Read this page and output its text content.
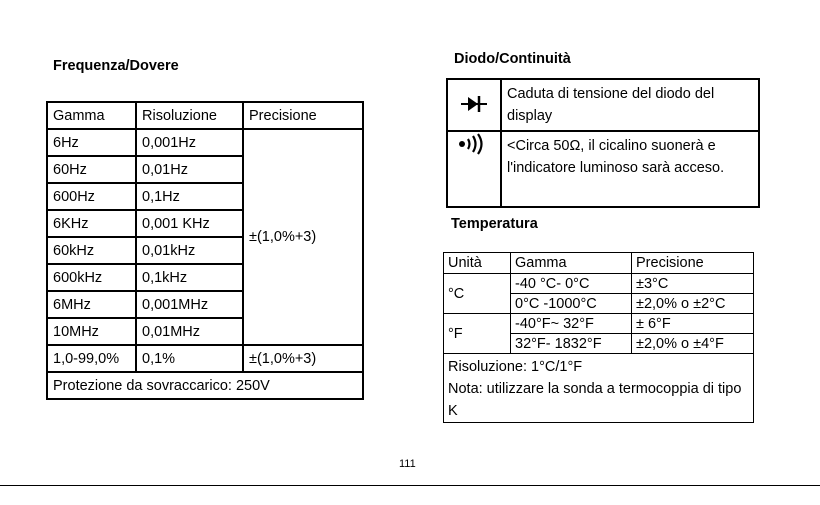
Frequenza/Dovere
Gamma	Risoluzione	Precisione
6Hz	0,001Hz	±(1,0%+3)
60Hz	0,01Hz	
600Hz	0,1Hz	
6KHz	0,001 KHz	
60kHz	0,01kHz	
600kHz	0,1kHz	
6MHz	0,001MHz	
10MHz	0,01MHz	
1,0-99,0%	0,1%	±(1,0%+3)
Protezione da sovraccarico: 250V		
Diodo/Continuità
	Caduta di tensione del diodo del display
	<Circa 50Ω, il cicalino suonerà e l'indicatore luminoso sarà acceso.
Temperatura
Unità	Gamma	Precisione
°C	-40 °C- 0°C	±3°C
	0°C -1000°C	±2,0% o ±2°C
°F	-40°F~ 32°F	± 6°F
	32°F- 1832°F	±2,0% o ±4°F

Risoluzione: 1°C/1°F
Nota: utilizzare la sonda a termocoppia di tipo K		
111
